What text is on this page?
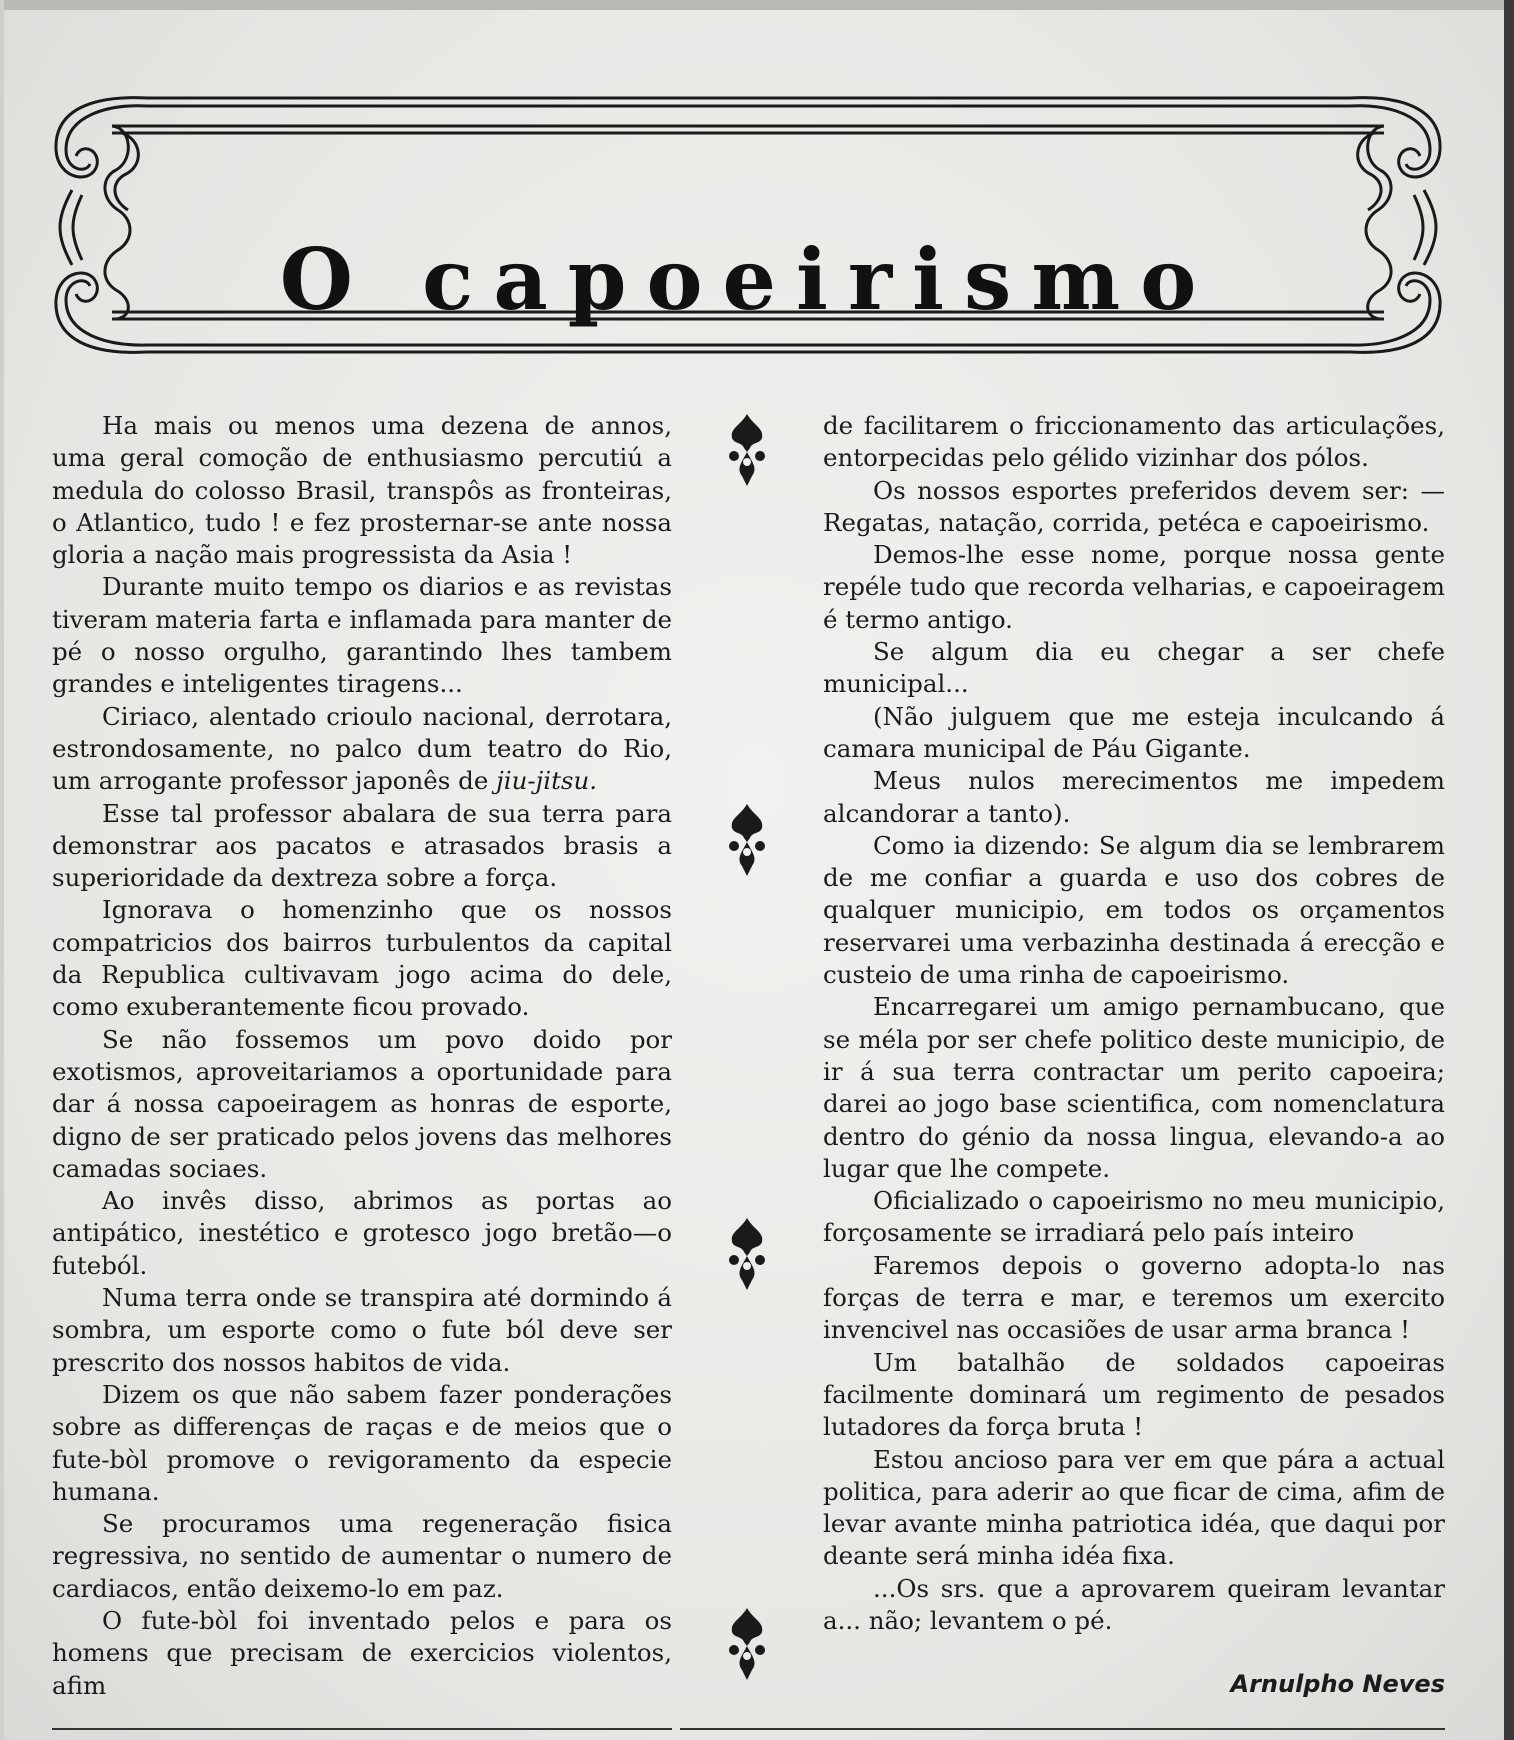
O capoeirismo

Ha mais ou menos uma dezena de annos, uma geral comoção de enthusiasmo percutiú a medula do colosso Brasil, transpôs as fronteiras, o Atlantico, tudo ! e fez prosternar-se ante nossa gloria a nação mais progressista da Asia !

Durante muito tempo os diarios e as revistas tiveram materia farta e inflamada para manter de pé o nosso orgulho, garantindo lhes tambem grandes e inteligentes tiragens...

Ciriaco, alentado crioulo nacional, derrotara, estrondosamente, no palco dum teatro do Rio, um arrogante professor japonês de jiu-jitsu.

Esse tal professor abalara de sua terra para demonstrar aos pacatos e atrasados brasis a superioridade da dextreza sobre a força.

Ignorava o homenzinho que os nossos compatricios dos bairros turbulentos da capital da Republica cultivavam jogo acima do dele, como exuberantemente ficou provado.

Se não fossemos um povo doido por exotismos, aproveitariamos a oportunidade para dar á nossa capoeiragem as honras de esporte, digno de ser praticado pelos jovens das melhores camadas sociaes.

Ao invês disso, abrimos as portas ao antipático, inestético e grotesco jogo bretão—o futeból.

Numa terra onde se transpira até dormindo á sombra, um esporte como o fute ból deve ser prescrito dos nossos habitos de vida.

Dizem os que não sabem fazer ponderações sobre as differenças de raças e de meios que o fute-bòl promove o revigoramento da especie humana.

Se procuramos uma regeneração fisica regressiva, no sentido de aumentar o numero de cardiacos, então deixemo-lo em paz.

O fute-bòl foi inventado pelos e para os homens que precisam de exercicios violentos, afim

de facilitarem o friccionamento das articulações, entorpecidas pelo gélido vizinhar dos pólos.

Os nossos esportes preferidos devem ser: —Regatas, natação, corrida, petéca e capoeirismo.

Demos-lhe esse nome, porque nossa gente repéle tudo que recorda velharias, e capoeiragem é termo antigo.

Se algum dia eu chegar a ser chefe municipal...

(Não julguem que me esteja inculcando á camara municipal de Páu Gigante.

Meus nulos merecimentos me impedem alcandorar a tanto).

Como ia dizendo: Se algum dia se lembrarem de me confiar a guarda e uso dos cobres de qualquer municipio, em todos os orçamentos reservarei uma verbazinha destinada á erecção e custeio de uma rinha de capoeirismo.

Encarregarei um amigo pernambucano, que se méla por ser chefe politico deste municipio, de ir á sua terra contractar um perito capoeira; darei ao jogo base scientifica, com nomenclatura dentro do génio da nossa lingua, elevando-a ao lugar que lhe compete.

Oficializado o capoeirismo no meu municipio, forçosamente se irradiará pelo país inteiro

Faremos depois o governo adopta-lo nas forças de terra e mar, e teremos um exercito invencivel nas occasiões de usar arma branca !

Um batalhão de soldados capoeiras facilmente dominará um regimento de pesados lutadores da força bruta !

Estou ancioso para ver em que pára a actual politica, para aderir ao que ficar de cima, afim de levar avante minha patriotica idéa, que daqui por deante será minha idéa fixa.

...Os srs. que a aprovarem queiram levantar a... não; levantem o pé.

Arnulpho Neves
